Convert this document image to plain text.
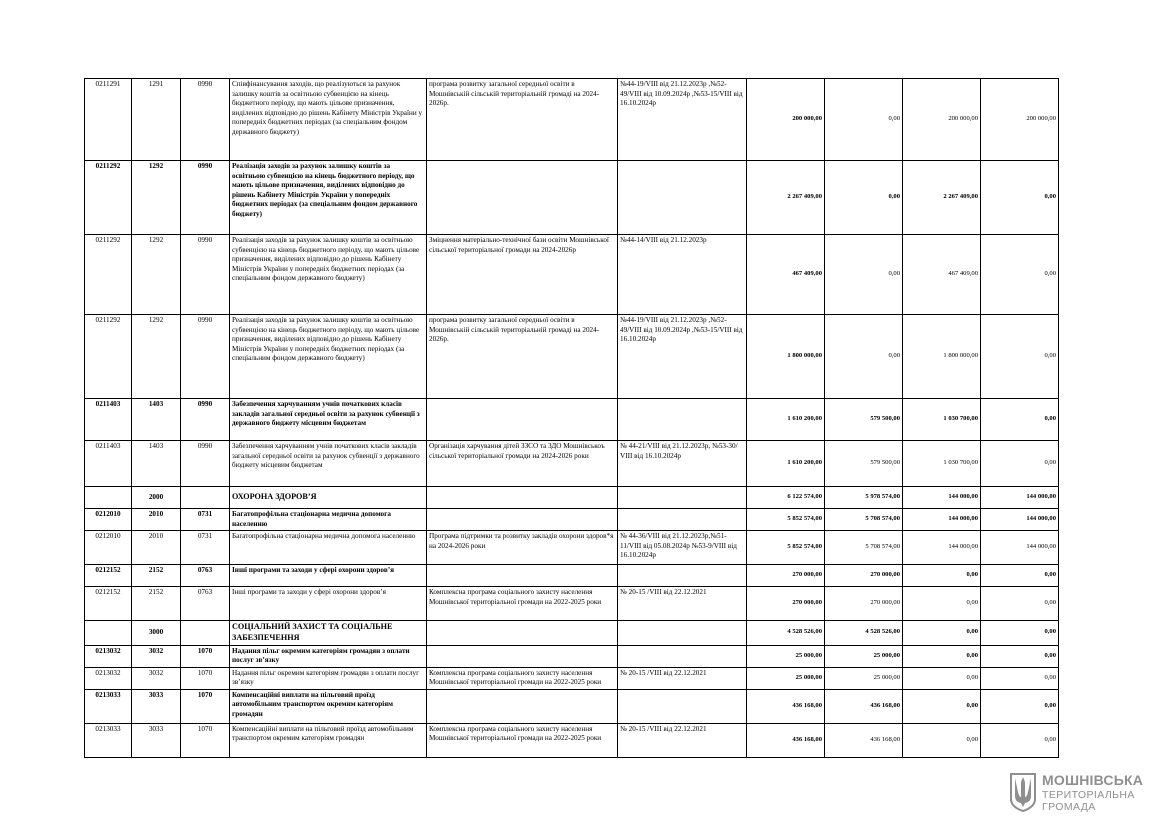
0211291	1291	0990	Співфінансування заходів, що реалізуються за рахунок залишку коштів за освітньою субвенцією на кінець бюджетного періоду, що мають цільове призначення, виділених відповідно до рішень Кабінету Міністрів України у попередніх бюджетних періодах (за спеціальним фондом державного бюджету)	програма розвитку загальної середньої освіти в Мошнівській сільській територіальній громаді на 2024-2026р.	№44-19/VIII від 21.12.2023р ,№52-49/VIII від 10.09.2024р ,№53-15/VIII від 16.10.2024р	200 000,00	0,00	200 000,00	200 000,00
0211292	1292	0990	Реалізація заходів за рахунок залишку коштів за освітньою субвенцією на кінець бюджетного періоду, що мають цільове призначення, виділених відповідно до рішень Кабінету Міністрів України у попередніх бюджетних періодах (за спеціальним фондом державного бюджету)			2 267 409,00	0,00	2 267 409,00	0,00
0211292	1292	0990	Реалізація заходів за рахунок залишку коштів за освітньою субвенцією на кінець бюджетного періоду, що мають цільове призначення, виділених відповідно до рішень Кабінету Міністрів України у попередніх бюджетних періодах (за спеціальним фондом державного бюджету)	Зміцнення матеріально-технічної бази освіти Мошнівської сільської територіальної громади на 2024-2026р	№44-14/VIII від 21.12.2023р	467 409,00	0,00	467 409,00	0,00
0211292	1292	0990	Реалізація заходів за рахунок залишку коштів за освітньою субвенцією на кінець бюджетного періоду, що мають цільове призначення, виділених відповідно до рішень Кабінету Міністрів України у попередніх бюджетних періодах (за спеціальним фондом державного бюджету)	програма розвитку загальної середньої освіти в Мошнівській сільській територіальній громаді на 2024-2026р.	№44-19/VIII від 21.12.2023р ,№52-49/VIII від 10.09.2024р ,№53-15/VIII від 16.10.2024р	1 800 000,00	0,00	1 800 000,00	0,00
0211403	1403	0990	Забезпечення харчуванням учнів початкових класів закладів загальної середньої освіти за рахунок субвенції з державного бюджету місцевим бюджетам			1 610 200,00	579 500,00	1 030 700,00	0,00
0211403	1403	0990	Забезпечення харчуванням учнів початкових класів закладів загальної середньої освіти за рахунок субвенції з державного бюджету місцевим бюджетам	Організація харчування дітей ЗЗСО та ЗДО Мошнівськоъ сільської територіальної громади на 2024-2026 роки	№ 44-21/VIII від 21.12.2023р, №53-30/ VIII від 16.10.2024р	1 610 200,00	579 500,00	1 030 700,00	0,00
	2000		ОХОРОНА ЗДОРОВ’Я			6 122 574,00	5 978 574,00	144 000,00	144 000,00
0212010	2010	0731	Багатопрофільна стаціонарна медична допомога населенню			5 852 574,00	5 708 574,00	144 000,00	144 000,00
0212010	2010	0731	Багатопрофільна стаціонарна медична допомога населенню	Програма підтримки та розвитку закладів охорони здоров*я на 2024-2026 роки	№ 44-36/VIII від 21.12.2023р,№51-11/VIII від 05.08.2024р №53-9/VIII від 16.10.2024р	5 852 574,00	5 708 574,00	144 000,00	144 000,00
0212152	2152	0763	Інші програми та заходи у сфері охорони здоров’я			270 000,00	270 000,00	0,00	0,00
0212152	2152	0763	Інші програми та заходи у сфері охорони здоров’я	Комплексна програма соціального захисту населення Мошнівської територіальної громади на 2022-2025 роки	№ 20-15 /VIII від 22.12.2021	270 000,00	270 000,00	0,00	0,00
	3000		СОЦІАЛЬНИЙ ЗАХИСТ ТА СОЦІАЛЬНЕ ЗАБЕЗПЕЧЕННЯ			4 528 526,00	4 528 526,00	0,00	0,00
0213032	3032	1070	Надання пільг окремим категоріям громадян з оплати послуг зв’язку			25 000,00	25 000,00	0,00	0,00
0213032	3032	1070	Надання пільг окремим категоріям громадян з оплати послуг зв’язку	Комплексна програма соціального захисту населення Мошнівської територіальної громади на 2022-2025 роки	№ 20-15 /VIII від 22.12.2021	25 000,00	25 000,00	0,00	0,00
0213033	3033	1070	Компенсаційні виплати на пільговий проїзд автомобільним транспортом окремим категоріям громадян			436 168,00	436 168,00	0,00	0,00
0213033	3033	1070	Компенсаційні виплати на пільговий проїзд автомобільним транспортом окремим категоріям громадян	Комплексна програма соціального захисту населення Мошнівської територіальної громади на 2022-2025 роки	№ 20-15 /VIII від 22.12.2021	436 168,00	436 168,00	0,00	0,00
МОШНІВСЬКА
ТЕРИТОРІАЛЬНА
ГРОМАДА
